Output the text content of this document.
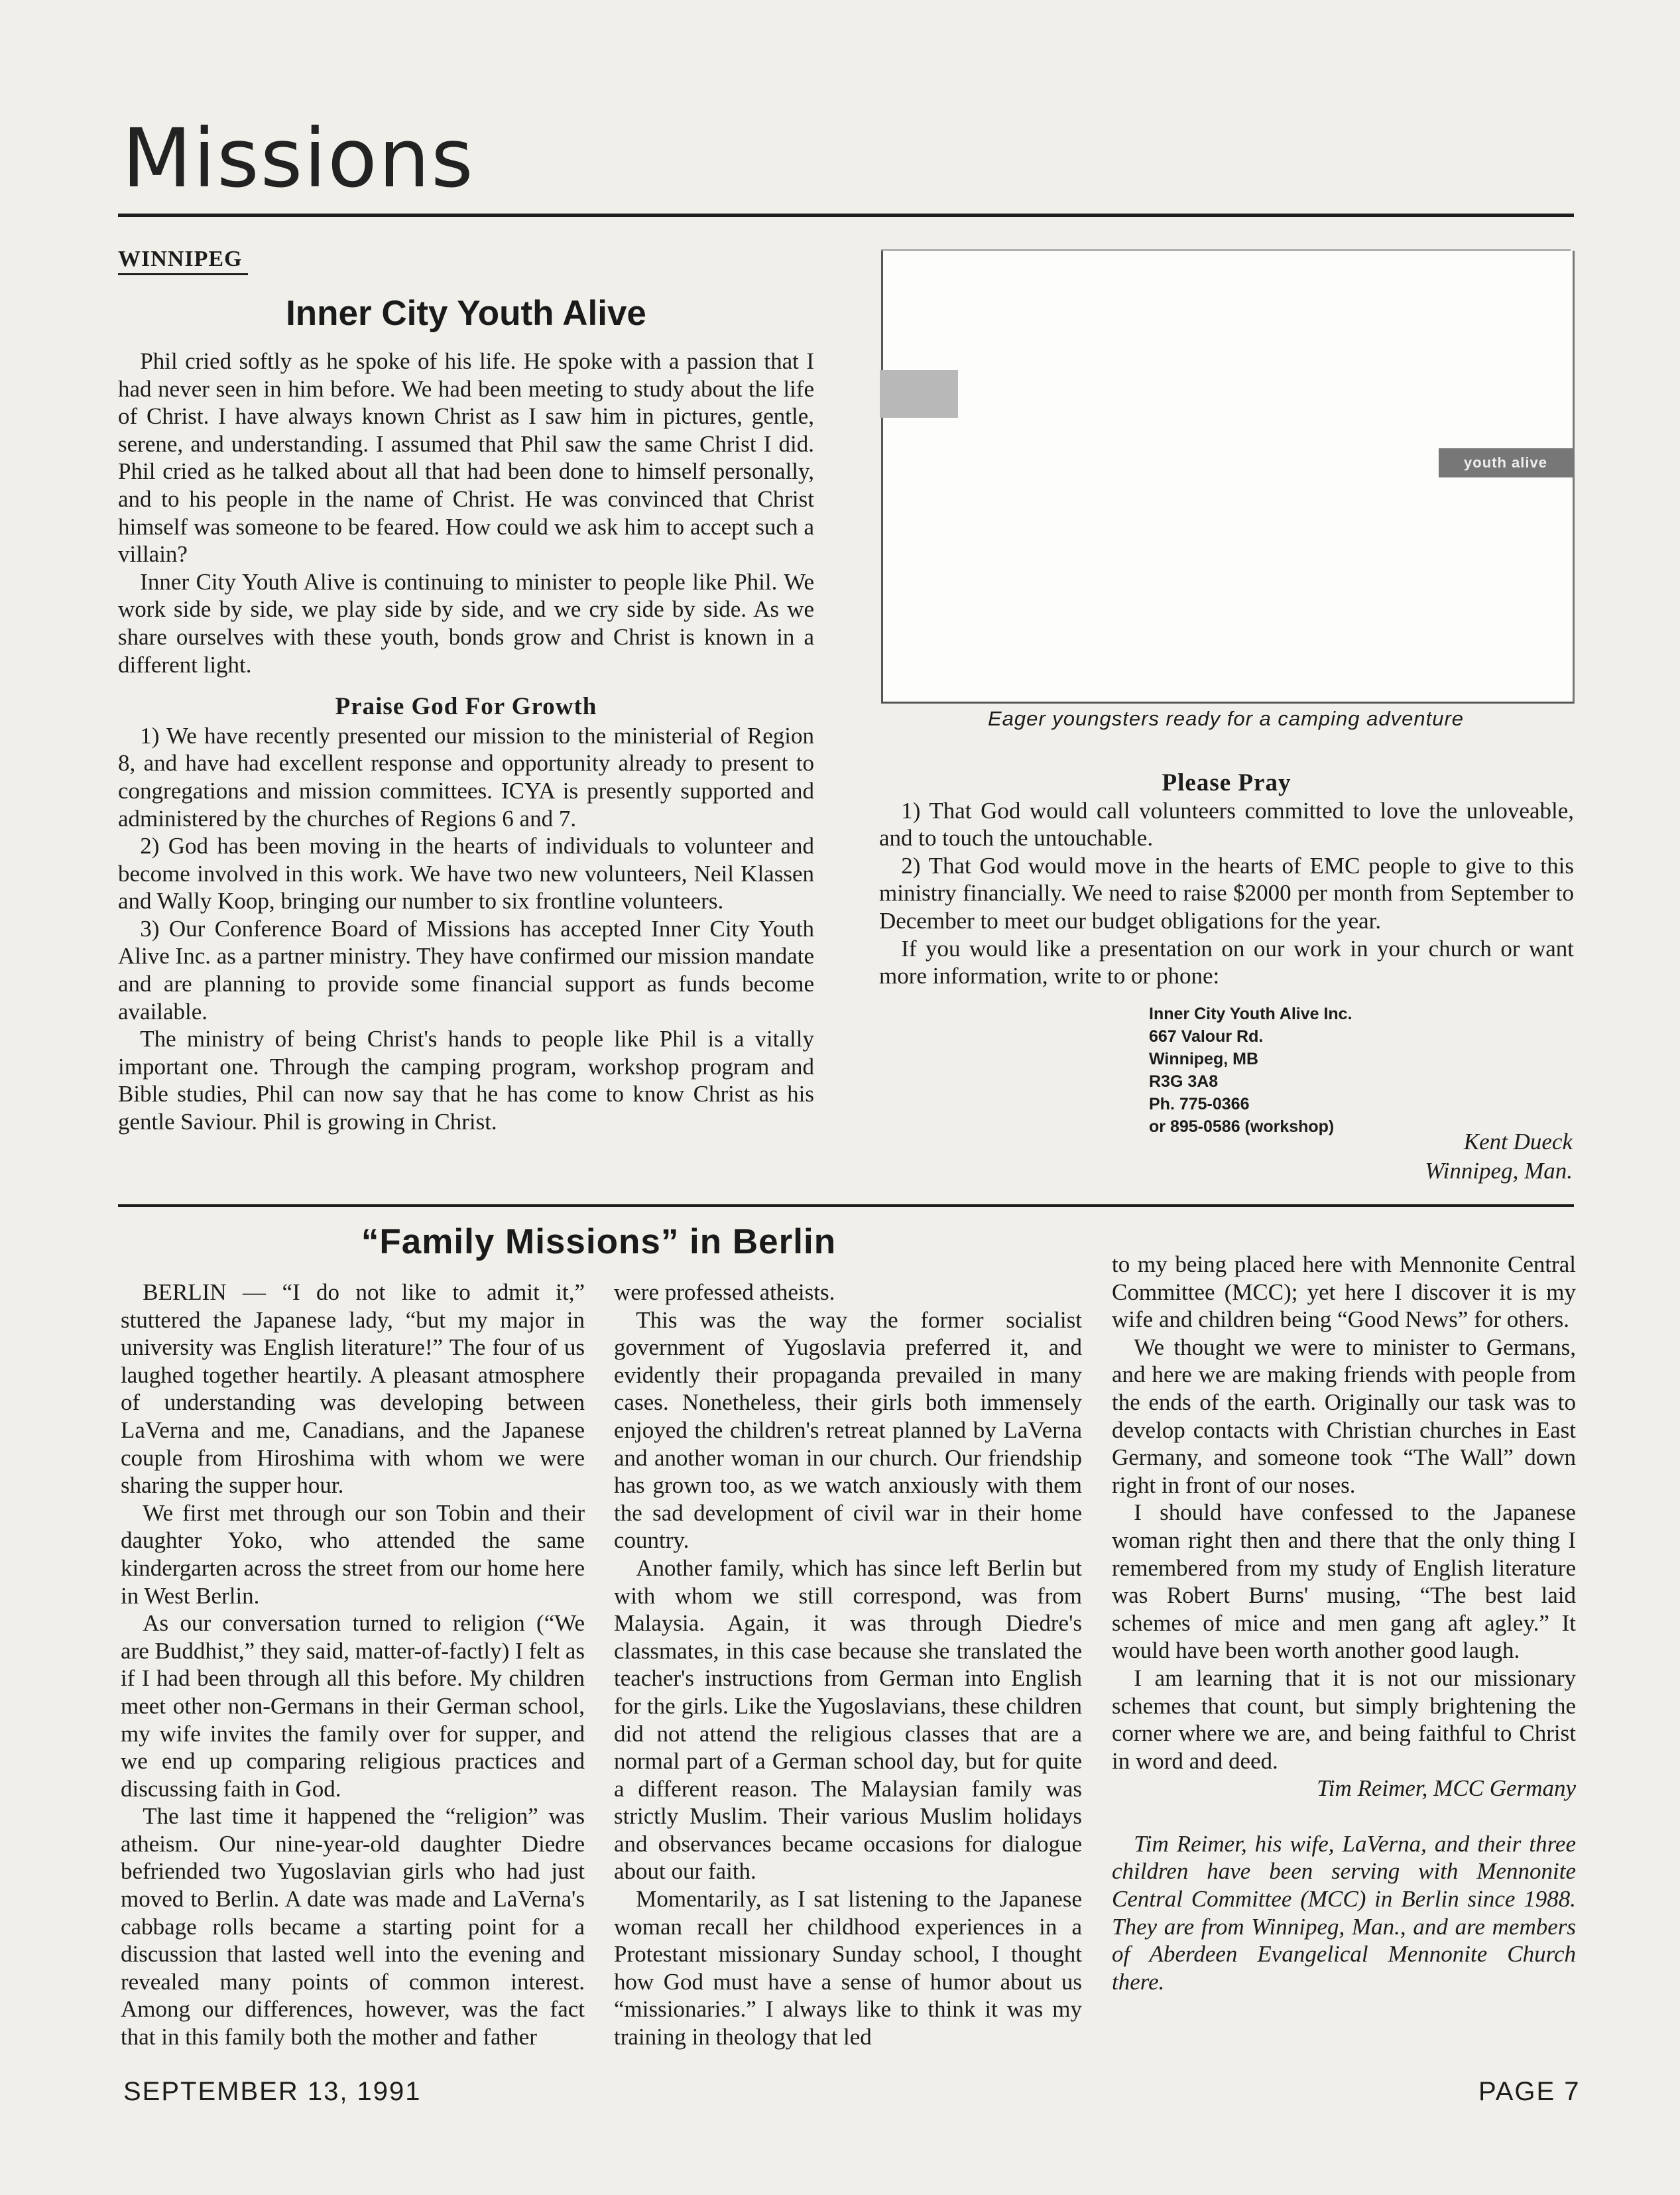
Missions
WINNIPEG
Inner City Youth Alive

Phil cried softly as he spoke of his life. He spoke with a passion that I had never seen in him before. We had been meeting to study about the life of Christ. I have always known Christ as I saw him in pictures, gentle, serene, and understanding. I assumed that Phil saw the same Christ I did. Phil cried as he talked about all that had been done to himself personally, and to his people in the name of Christ. He was convinced that Christ himself was someone to be feared. How could we ask him to accept such a villain?

Inner City Youth Alive is continuing to minister to people like Phil. We work side by side, we play side by side, and we cry side by side. As we share ourselves with these youth, bonds grow and Christ is known in a different light.

Praise God For Growth

1) We have recently presented our mission to the ministerial of Region 8, and have had excellent response and opportunity already to present to congregations and mission committees. ICYA is presently supported and administered by the churches of Regions 6 and 7.

2) God has been moving in the hearts of individuals to volunteer and become involved in this work. We have two new volunteers, Neil Klassen and Wally Koop, bringing our number to six frontline volunteers.

3) Our Conference Board of Missions has accepted Inner City Youth Alive Inc. as a partner ministry. They have confirmed our mission mandate and are planning to provide some financial support as funds become available.

The ministry of being Christ's hands to people like Phil is a vitally important one. Through the camping program, workshop program and Bible studies, Phil can now say that he has come to know Christ as his gentle Saviour. Phil is growing in Christ.

youth alive
Eager youngsters ready for a camping adventure

Please Pray

1) That God would call volunteers committed to love the unloveable, and to touch the untouchable.

2) That God would move in the hearts of EMC people to give to this ministry financially. We need to raise $2000 per month from September to December to meet our budget obligations for the year.

If you would like a presentation on our work in your church or want more information, write to or phone:

Inner City Youth Alive Inc.
667 Valour Rd.
Winnipeg, MB
R3G 3A8
Ph. 775-0366
or 895-0586 (workshop)
Kent Dueck
Winnipeg, Man.
“Family Missions” in Berlin

BERLIN — “I do not like to admit it,” stuttered the Japanese lady, “but my major in university was English literature!” The four of us laughed together heartily. A pleasant atmosphere of understanding was developing between LaVerna and me, Canadians, and the Japanese couple from Hiroshima with whom we were sharing the supper hour.

We first met through our son Tobin and their daughter Yoko, who attended the same kindergarten across the street from our home here in West Berlin.

As our conversation turned to religion (“We are Buddhist,” they said, matter-of-factly) I felt as if I had been through all this before. My children meet other non-Germans in their German school, my wife invites the family over for supper, and we end up comparing religious practices and discussing faith in God.

The last time it happened the “religion” was atheism. Our nine-year-old daughter Diedre befriended two Yugoslavian girls who had just moved to Berlin. A date was made and LaVerna's cabbage rolls became a starting point for a discussion that lasted well into the evening and revealed many points of common interest. Among our differences, however, was the fact that in this family both the mother and father

were professed atheists.

This was the way the former socialist government of Yugoslavia preferred it, and evidently their propaganda prevailed in many cases. Nonetheless, their girls both immensely enjoyed the children's retreat planned by LaVerna and another woman in our church. Our friendship has grown too, as we watch anxiously with them the sad development of civil war in their home country.

Another family, which has since left Berlin but with whom we still correspond, was from Malaysia. Again, it was through Diedre's classmates, in this case because she translated the teacher's instructions from German into English for the girls. Like the Yugoslavians, these children did not attend the religious classes that are a normal part of a German school day, but for quite a different reason. The Malaysian family was strictly Muslim. Their various Muslim holidays and observances became occasions for dialogue about our faith.

Momentarily, as I sat listening to the Japanese woman recall her childhood experiences in a Protestant missionary Sunday school, I thought how God must have a sense of humor about us “missionaries.” I always like to think it was my training in theology that led

to my being placed here with Mennonite Central Committee (MCC); yet here I discover it is my wife and children being “Good News” for others.

We thought we were to minister to Germans, and here we are making friends with people from the ends of the earth. Originally our task was to develop contacts with Christian churches in East Germany, and someone took “The Wall” down right in front of our noses.

I should have confessed to the Japanese woman right then and there that the only thing I remembered from my study of English literature was Robert Burns' musing, “The best laid schemes of mice and men gang aft agley.” It would have been worth another good laugh.

I am learning that it is not our missionary schemes that count, but simply brightening the corner where we are, and being faithful to Christ in word and deed.

Tim Reimer, MCC Germany

Tim Reimer, his wife, LaVerna, and their three children have been serving with Mennonite Central Committee (MCC) in Berlin since 1988. They are from Winnipeg, Man., and are members of Aberdeen Evangelical Mennonite Church there.

SEPTEMBER 13, 1991	PAGE 7
